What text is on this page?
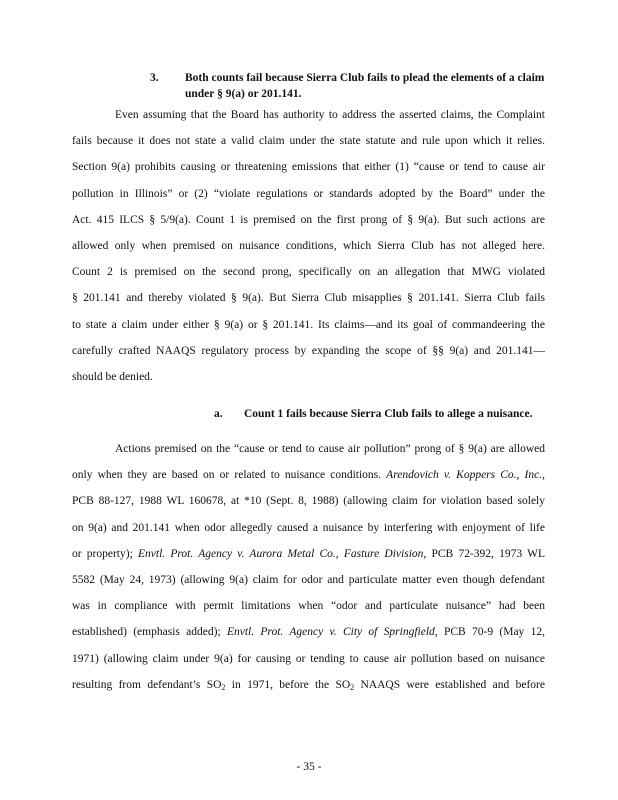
3. Both counts fail because Sierra Club fails to plead the elements of a claim under § 9(a) or 201.141.

Even assuming that the Board has authority to address the asserted claims, the Complaint
fails because it does not state a valid claim under the state statute and rule upon which it relies.
Section 9(a) prohibits causing or threatening emissions that either (1) “cause or tend to cause air
pollution in Illinois” or (2) “violate regulations or standards adopted by the Board” under the
Act. 415 ILCS § 5/9(a). Count 1 is premised on the first prong of § 9(a). But such actions are
allowed only when premised on nuisance conditions, which Sierra Club has not alleged here.
Count 2 is premised on the second prong, specifically on an allegation that MWG violated
§ 201.141 and thereby violated § 9(a). But Sierra Club misapplies § 201.141. Sierra Club fails
to state a claim under either § 9(a) or § 201.141. Its claims—and its goal of commandeering the
carefully crafted NAAQS regulatory process by expanding the scope of §§ 9(a) and 201.141—
should be denied.

a. Count 1 fails because Sierra Club fails to allege a nuisance.

Actions premised on the “cause or tend to cause air pollution” prong of § 9(a) are allowed
only when they are based on or related to nuisance conditions. Arendovich v. Koppers Co., Inc.,
PCB 88-127, 1988 WL 160678, at *10 (Sept. 8, 1988) (allowing claim for violation based solely
on 9(a) and 201.141 when odor allegedly caused a nuisance by interfering with enjoyment of life
or property); Envtl. Prot. Agency v. Aurora Metal Co., Fasture Division, PCB 72-392, 1973 WL
5582 (May 24, 1973) (allowing 9(a) claim for odor and particulate matter even though defendant
was in compliance with permit limitations when “odor and particulate nuisance” had been
established) (emphasis added); Envtl. Prot. Agency v. City of Springfield, PCB 70-9 (May 12,
1971) (allowing claim under 9(a) for causing or tending to cause air pollution based on nuisance
resulting from defendant’s $SO_2$ in 1971, before the $SO_2$ NAAQS were established and before

- 35 -
